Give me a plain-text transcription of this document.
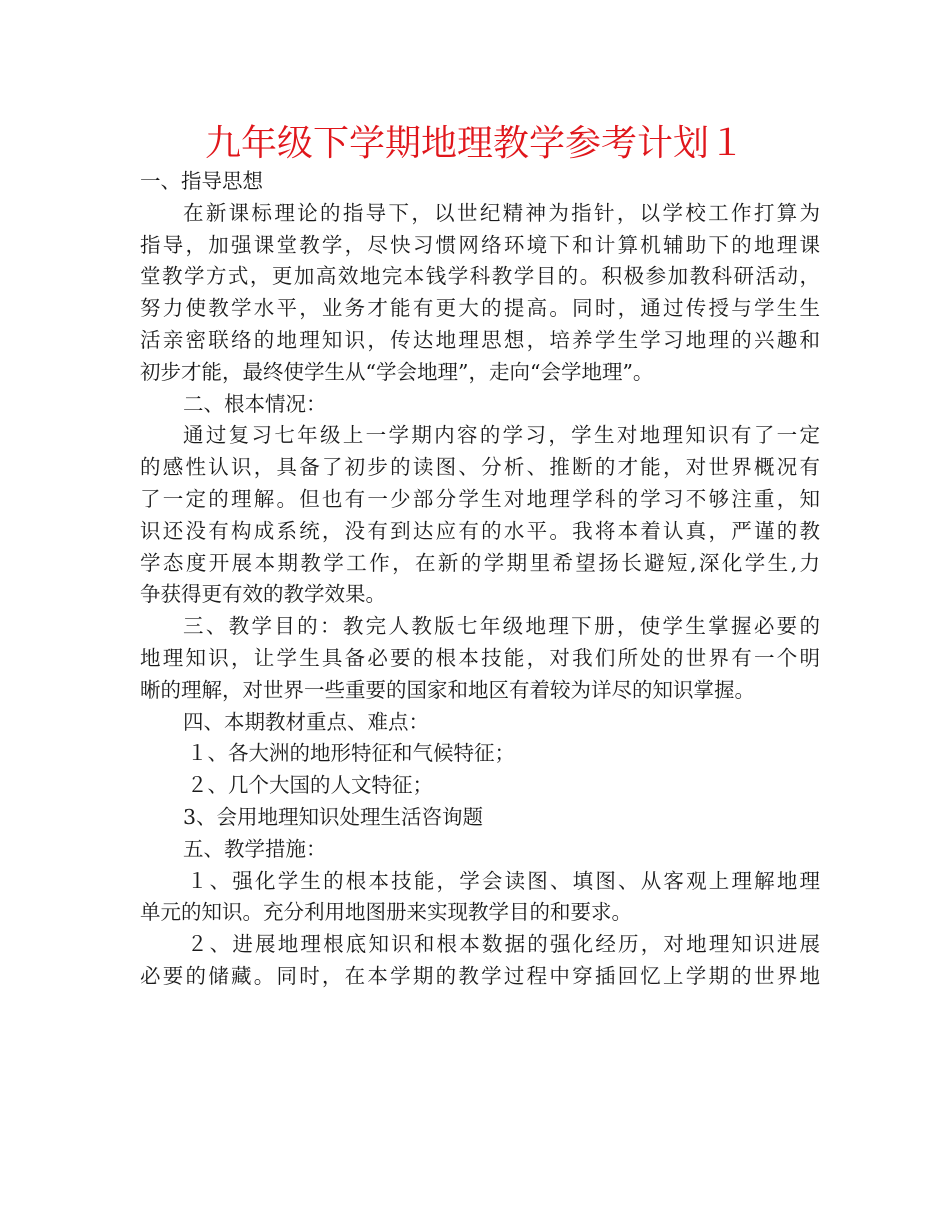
九年级下学期地理教学参考计划１

一、指导思想

在新课标理论的指导下，以世纪精神为指针，以学校工作打算为

指导，加强课堂教学，尽快习惯网络环境下和计算机辅助下的地理课

堂教学方式，更加高效地完本钱学科教学目的。积极参加教科研活动，

努力使教学水平，业务才能有更大的提高。同时，通过传授与学生生

活亲密联络的地理知识，传达地理思想，培养学生学习地理的兴趣和

初步才能，最终使学生从“学会地理”，走向“会学地理”。

二、根本情况：

通过复习七年级上一学期内容的学习，学生对地理知识有了一定

的感性认识，具备了初步的读图、分析、推断的才能，对世界概况有

了一定的理解。但也有一少部分学生对地理学科的学习不够注重，知

识还没有构成系统，没有到达应有的水平。我将本着认真，严谨的教

学态度开展本期教学工作，在新的学期里希望扬长避短,深化学生,力

争获得更有效的教学效果。

三、教学目的：教完人教版七年级地理下册，使学生掌握必要的

地理知识，让学生具备必要的根本技能，对我们所处的世界有一个明

晰的理解，对世界一些重要的国家和地区有着较为详尽的知识掌握。

四、本期教材重点、难点：

１、各大洲的地形特征和气候特征；

２、几个大国的人文特征；

3、会用地理知识处理生活咨询题

五、教学措施：

１、强化学生的根本技能，学会读图、填图、从客观上理解地理

单元的知识。充分利用地图册来实现教学目的和要求。

２、进展地理根底知识和根本数据的强化经历，对地理知识进展

必要的储藏。同时，在本学期的教学过程中穿插回忆上学期的世界地
